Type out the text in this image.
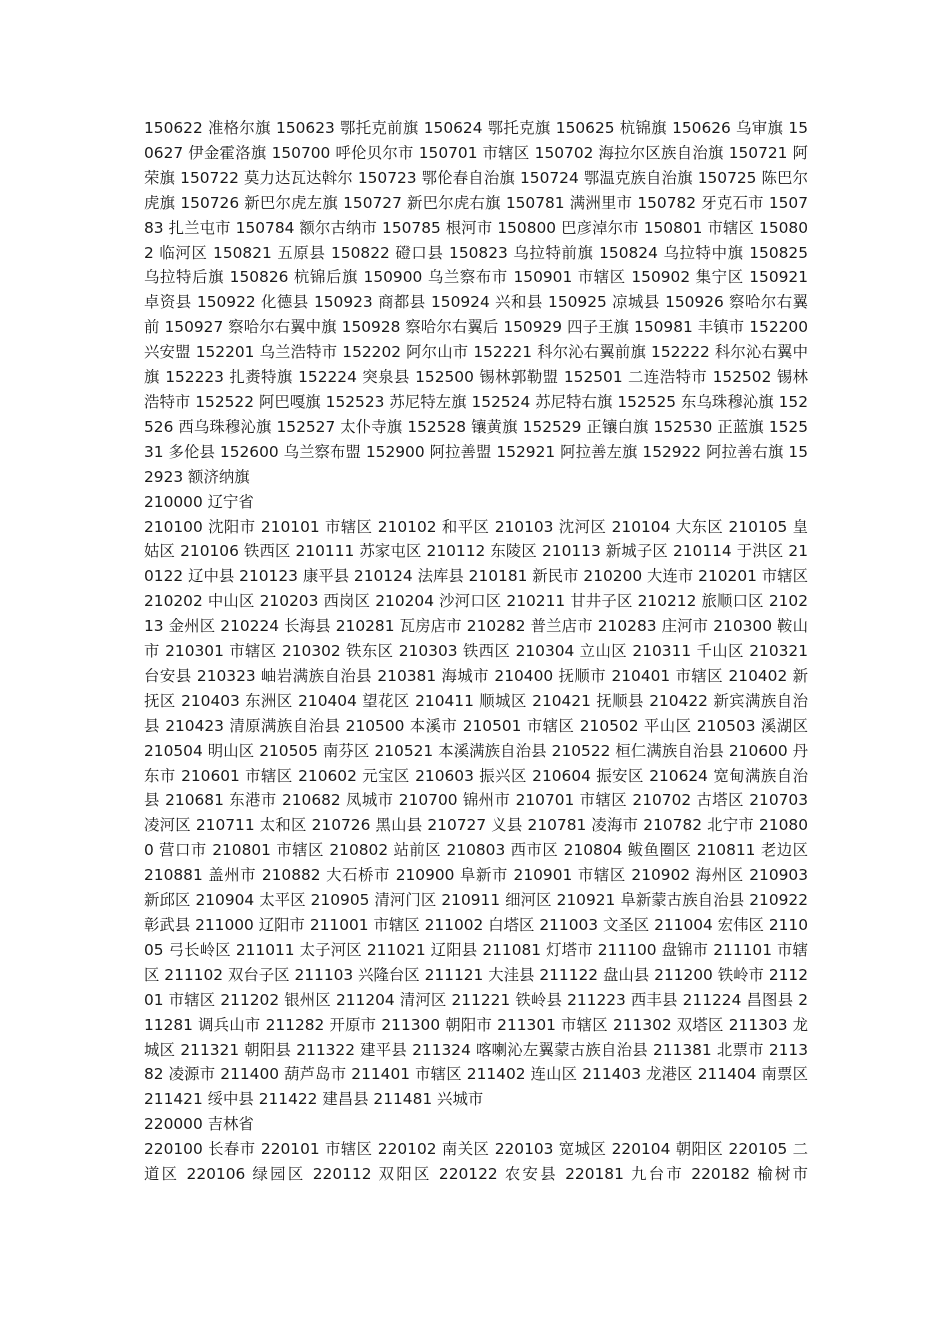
150622 准格尔旗 150623 鄂托克前旗 150624 鄂托克旗 150625 杭锦旗 150626 乌审旗 150627 伊金霍洛旗 150700 呼伦贝尔市 150701 市辖区 150702 海拉尔区族自治旗 150721 阿荣旗 150722 莫力达瓦达斡尔 150723 鄂伦春自治旗 150724 鄂温克族自治旗 150725 陈巴尔虎旗 150726 新巴尔虎左旗 150727 新巴尔虎右旗 150781 满洲里市 150782 牙克石市 150783 扎兰屯市 150784 额尔古纳市 150785 根河市 150800 巴彦淖尔市 150801 市辖区 150802 临河区 150821 五原县 150822 磴口县 150823 乌拉特前旗 150824 乌拉特中旗 150825 乌拉特后旗 150826 杭锦后旗 150900 乌兰察布市 150901 市辖区 150902 集宁区 150921 卓资县 150922 化德县 150923 商都县 150924 兴和县 150925 凉城县 150926 察哈尔右翼前 150927 察哈尔右翼中旗 150928 察哈尔右翼后 150929 四子王旗 150981 丰镇市 152200 兴安盟 152201 乌兰浩特市 152202 阿尔山市 152221 科尔沁右翼前旗 152222 科尔沁右翼中旗 152223 扎赉特旗 152224 突泉县 152500 锡林郭勒盟 152501 二连浩特市 152502 锡林浩特市 152522 阿巴嘎旗 152523 苏尼特左旗 152524 苏尼特右旗 152525 东乌珠穆沁旗 152526 西乌珠穆沁旗 152527 太仆寺旗 152528 镶黄旗 152529 正镶白旗 152530 正蓝旗 152531 多伦县 152600 乌兰察布盟 152900 阿拉善盟 152921 阿拉善左旗 152922 阿拉善右旗 152923 额济纳旗

210000 辽宁省

210100 沈阳市 210101 市辖区 210102 和平区 210103 沈河区 210104 大东区 210105 皇姑区 210106 铁西区 210111 苏家屯区 210112 东陵区 210113 新城子区 210114 于洪区 210122 辽中县 210123 康平县 210124 法库县 210181 新民市 210200 大连市 210201 市辖区 210202 中山区 210203 西岗区 210204 沙河口区 210211 甘井子区 210212 旅顺口区 210213 金州区 210224 长海县 210281 瓦房店市 210282 普兰店市 210283 庄河市 210300 鞍山市 210301 市辖区 210302 铁东区 210303 铁西区 210304 立山区 210311 千山区 210321 台安县 210323 岫岩满族自治县 210381 海城市 210400 抚顺市 210401 市辖区 210402 新抚区 210403 东洲区 210404 望花区 210411 顺城区 210421 抚顺县 210422 新宾满族自治县 210423 清原满族自治县 210500 本溪市 210501 市辖区 210502 平山区 210503 溪湖区 210504 明山区 210505 南芬区 210521 本溪满族自治县 210522 桓仁满族自治县 210600 丹东市 210601 市辖区 210602 元宝区 210603 振兴区 210604 振安区 210624 宽甸满族自治县 210681 东港市 210682 凤城市 210700 锦州市 210701 市辖区 210702 古塔区 210703 凌河区 210711 太和区 210726 黑山县 210727 义县 210781 凌海市 210782 北宁市 210800 营口市 210801 市辖区 210802 站前区 210803 西市区 210804 鲅鱼圈区 210811 老边区 210881 盖州市 210882 大石桥市 210900 阜新市 210901 市辖区 210902 海州区 210903 新邱区 210904 太平区 210905 清河门区 210911 细河区 210921 阜新蒙古族自治县 210922 彰武县 211000 辽阳市 211001 市辖区 211002 白塔区 211003 文圣区 211004 宏伟区 211005 弓长岭区 211011 太子河区 211021 辽阳县 211081 灯塔市 211100 盘锦市 211101 市辖区 211102 双台子区 211103 兴隆台区 211121 大洼县 211122 盘山县 211200 铁岭市 211201 市辖区 211202 银州区 211204 清河区 211221 铁岭县 211223 西丰县 211224 昌图县 211281 调兵山市 211282 开原市 211300 朝阳市 211301 市辖区 211302 双塔区 211303 龙城区 211321 朝阳县 211322 建平县 211324 喀喇沁左翼蒙古族自治县 211381 北票市 211382 凌源市 211400 葫芦岛市 211401 市辖区 211402 连山区 211403 龙港区 211404 南票区 211421 绥中县 211422 建昌县 211481 兴城市

220000 吉林省

220100 长春市 220101 市辖区 220102 南关区 220103 宽城区 220104 朝阳区 220105 二道区 220106 绿园区 220112 双阳区 220122 农安县 220181 九台市 220182 榆树市
